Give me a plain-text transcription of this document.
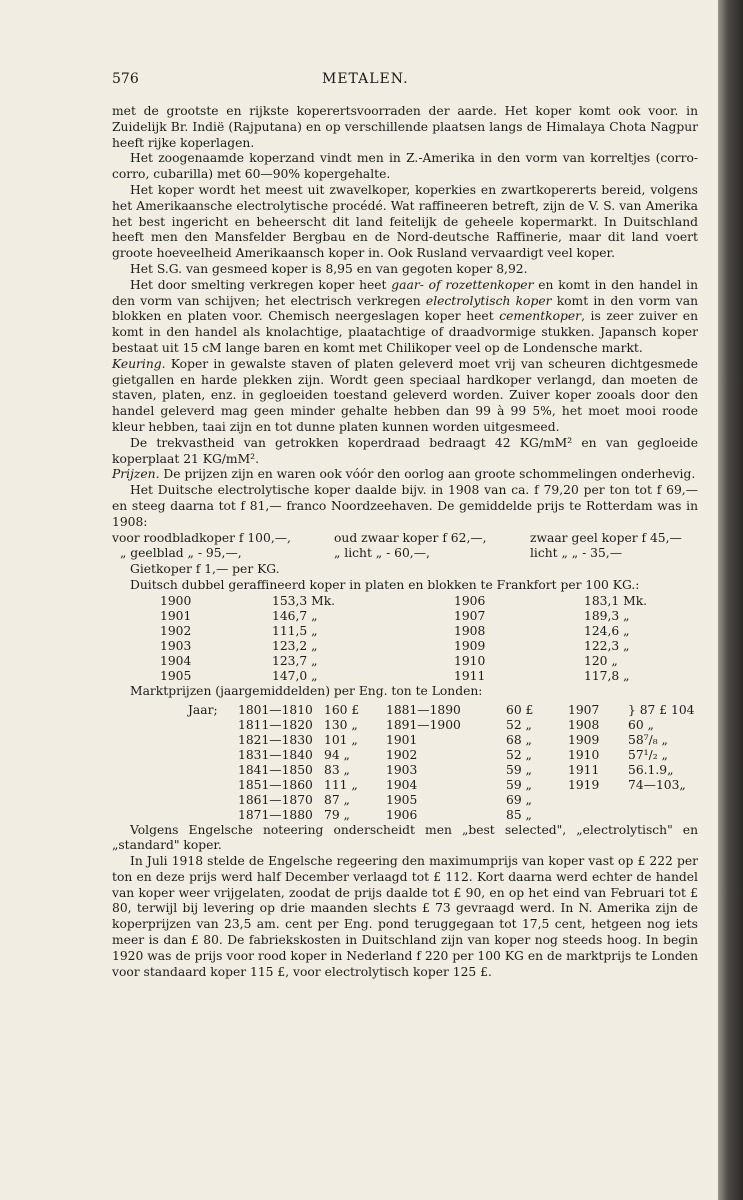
576	METALEN.

met de grootste en rijkste koperertsvoorraden der aarde. Het koper komt ook voor. in Zuidelijk Br. Indië (Rajputana) en op verschillende plaatsen langs de Himalaya Chota Nagpur heeft rijke koperlagen.

Het zoogenaamde koperzand vindt men in Z.-Amerika in den vorm van korreltjes (corro-corro, cubarilla) met 60—90% kopergehalte.

Het koper wordt het meest uit zwavelkoper, koperkies en zwartkopererts bereid, volgens het Amerikaansche electrolytische procédé. Wat raffineeren betreft, zijn de V. S. van Amerika het best ingericht en beheerscht dit land feitelijk de geheele kopermarkt. In Duitschland heeft men den Mansfelder Bergbau en de Nord-deutsche Raffinerie, maar dit land voert groote hoeveelheid Amerikaansch koper in. Ook Rusland vervaardigt veel koper.

Het S.G. van gesmeed koper is 8,95 en van gegoten koper 8,92.

Het door smelting verkregen koper heet gaar- of rozettenkoper en komt in den handel in den vorm van schijven; het electrisch verkregen electrolytisch koper komt in den vorm van blokken en platen voor. Chemisch neergeslagen koper heet cementkoper, is zeer zuiver en komt in den handel als knolachtige, plaatachtige of draadvormige stukken. Japansch koper bestaat uit 15 cM lange baren en komt met Chilikoper veel op de Londensche markt.

Keuring. Koper in gewalste staven of platen geleverd moet vrij van scheuren dichtgesmede gietgallen en harde plekken zijn. Wordt geen speciaal hardkoper verlangd, dan moeten de staven, platen, enz. in gegloeiden toestand geleverd worden. Zuiver koper zooals door den handel geleverd mag geen minder gehalte hebben dan 99 à 99 5%, het moet mooi roode kleur hebben, taai zijn en tot dunne platen kunnen worden uitgesmeed.

De trekvastheid van getrokken koperdraad bedraagt 42 KG/mM² en van gegloeide koperplaat 21 KG/mM².

Prijzen. De prijzen zijn en waren ook vóór den oorlog aan groote schommelingen onderhevig.

Het Duitsche electrolytische koper daalde bijv. in 1908 van ca. f 79,20 per ton tot f 69,— en steeg daarna tot f 81,— franco Noordzeehaven. De gemiddelde prijs te Rotterdam was in 1908:

voor roodbladkoper f 100,—,	oud zwaar koper f 62,—,	zwaar geel koper f 45,—
„ geelblad „ - 95,—,	„ licht „ - 60,—,	licht „ „ - 35,—
Gietkoper f 1,— per KG.

Duitsch dubbel geraffineerd koper in platen en blokken te Frankfort per 100 KG.:

1900	153,3 Mk.	1906	183,1 Mk.
1901	146,7 „	1907	189,3 „
1902	111,5 „	1908	124,6 „
1903	123,2 „	1909	122,3 „
1904	123,7 „	1910	120 „
1905	147,0 „	1911	117,8 „
Marktprijzen (jaargemiddelden) per Eng. ton te Londen:
Jaar;	1801—1810	160 £	1881—1890	60 £	1907	} 87 £ 104
	1811—1820	130 „	1891—1900	52 „	1908	60 „
	1821—1830	101 „	1901	68 „	1909	58⁷/₈ „
	1831—1840	94 „	1902	52 „	1910	57¹/₂ „
	1841—1850	83 „	1903	59 „	1911	56.1.9„
	1851—1860	111 „	1904	59 „	1919	74—103„
	1861—1870	87 „	1905	69 „		
	1871—1880	79 „	1906	85 „		

Volgens Engelsche noteering onderscheidt men „best selected", „electrolytisch" en „standard" koper.

In Juli 1918 stelde de Engelsche regeering den maximumprijs van koper vast op £ 222 per ton en deze prijs werd half December verlaagd tot £ 112. Kort daarna werd echter de handel van koper weer vrijgelaten, zoodat de prijs daalde tot £ 90, en op het eind van Februari tot £ 80, terwijl bij levering op drie maanden slechts £ 73 gevraagd werd. In N. Amerika zijn de koperprijzen van 23,5 am. cent per Eng. pond teruggegaan tot 17,5 cent, hetgeen nog iets meer is dan £ 80. De fabriekskosten in Duitschland zijn van koper nog steeds hoog. In begin 1920 was de prijs voor rood koper in Nederland f 220 per 100 KG en de marktprijs te Londen voor standaard koper 115 £, voor electrolytisch koper 125 £.
